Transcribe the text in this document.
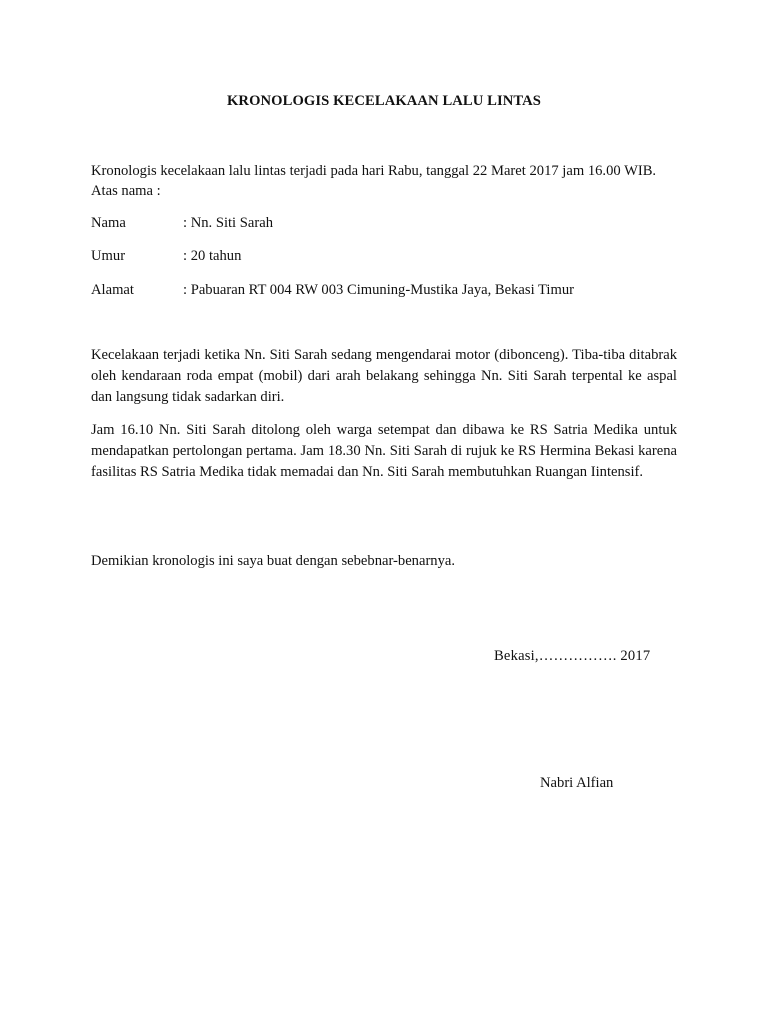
KRONOLOGIS KECELAKAAN LALU LINTAS
Kronologis kecelakaan lalu lintas terjadi pada hari Rabu, tanggal 22 Maret 2017 jam 16.00 WIB.
Atas nama :
Nama	: Nn. Siti Sarah
Umur	: 20 tahun
Alamat	: Pabuaran RT 004 RW 003 Cimuning-Mustika Jaya, Bekasi Timur
Kecelakaan terjadi ketika Nn. Siti Sarah sedang mengendarai motor (dibonceng). Tiba-tiba ditabrak oleh kendaraan roda empat (mobil) dari arah belakang sehingga Nn. Siti Sarah terpental ke aspal dan langsung tidak sadarkan diri.
Jam 16.10 Nn. Siti Sarah ditolong oleh warga setempat dan dibawa ke RS Satria Medika untuk mendapatkan pertolongan pertama. Jam 18.30 Nn. Siti Sarah di rujuk ke RS Hermina Bekasi karena fasilitas RS Satria Medika tidak memadai dan Nn. Siti Sarah membutuhkan Ruangan Iintensif.
Demikian kronologis ini saya buat dengan sebebnar-benarnya.
Bekasi,……………. 2017
Nabri Alfian
